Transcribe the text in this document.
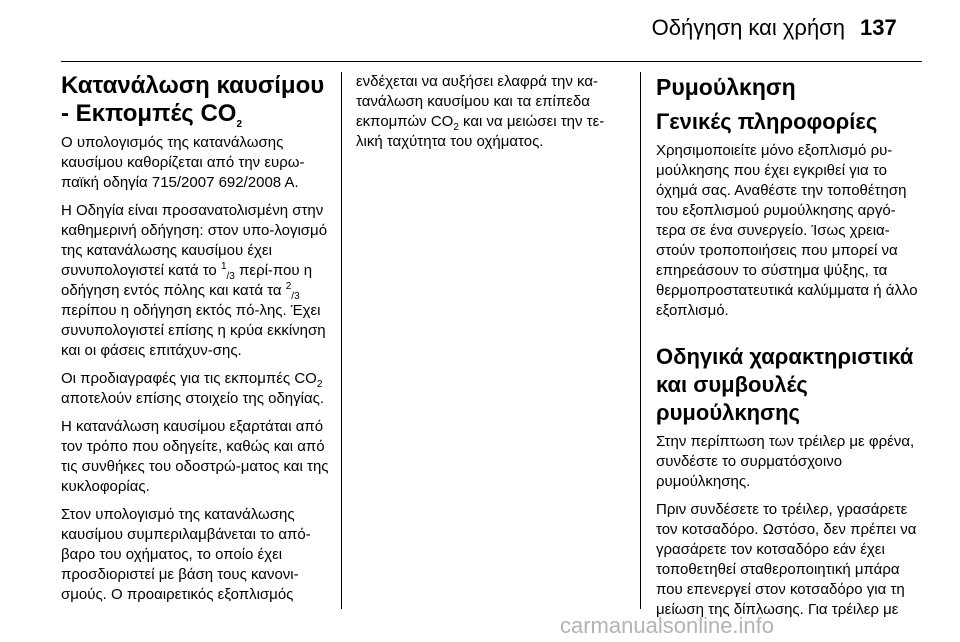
Οδήγηση και χρήση 137
Κατανάλωση καυσίμου - Εκπομπές $CO_2$

Ο υπολογισμός της κατανάλωσης καυσίμου καθορίζεται από την ευρω-παϊκή οδηγία 715/2007 692/2008 Α.

Η Οδηγία είναι προσανατολισμένη στην καθημερινή οδήγηση: στον υπο-λογισμό της κατανάλωσης καυσίμου έχει συνυπολογιστεί κατά το $^1_{/3}$ περί-που η οδήγηση εντός πόλης και κατά τα $^2_{/3}$ περίπου η οδήγηση εκτός πό-λης. Έχει συνυπολογιστεί επίσης η κρύα εκκίνηση και οι φάσεις επιτάχυν-σης.

Οι προδιαγραφές για τις εκπομπές $CO_2$ αποτελούν επίσης στοιχείο της οδηγίας.

Η κατανάλωση καυσίμου εξαρτάται από τον τρόπο που οδηγείτε, καθώς και από τις συνθήκες του οδοστρώ-ματος και της κυκλοφορίας.

Στον υπολογισμό της κατανάλωσης καυσίμου συμπεριλαμβάνεται το από-βαρο του οχήματος, το οποίο έχει προσδιοριστεί με βάση τους κανονι-σμούς. Ο προαιρετικός εξοπλισμός

ενδέχεται να αυξήσει ελαφρά την κα-τανάλωση καυσίμου και τα επίπεδα εκπομπών $CO_2$ και να μειώσει την τε-λική ταχύτητα του οχήματος.

Ρυμούλκηση
Γενικές πληροφορίες

Χρησιμοποιείτε μόνο εξοπλισμό ρυ-μούλκησης που έχει εγκριθεί για το όχημά σας. Αναθέστε την τοποθέτηση του εξοπλισμού ρυμούλκησης αργό-τερα σε ένα συνεργείο. Ίσως χρεια-στούν τροποποιήσεις που μπορεί να επηρεάσουν το σύστημα ψύξης, τα θερμοπροστατευτικά καλύμματα ή άλλο εξοπλισμό.

Οδηγικά χαρακτηριστικά και συμβουλές ρυμούλκησης

Στην περίπτωση των τρέιλερ με φρένα, συνδέστε το συρματόσχοινο ρυμούλκησης.

Πριν συνδέσετε το τρέιλερ, γρασάρετε τον κοτσαδόρο. Ωστόσο, δεν πρέπει να γρασάρετε τον κοτσαδόρο εάν έχει τοποθετηθεί σταθεροποιητική μπάρα που επενεργεί στον κοτσαδόρο για τη μείωση της δίπλωσης. Για τρέιλερ με

carmanualsonline.info
